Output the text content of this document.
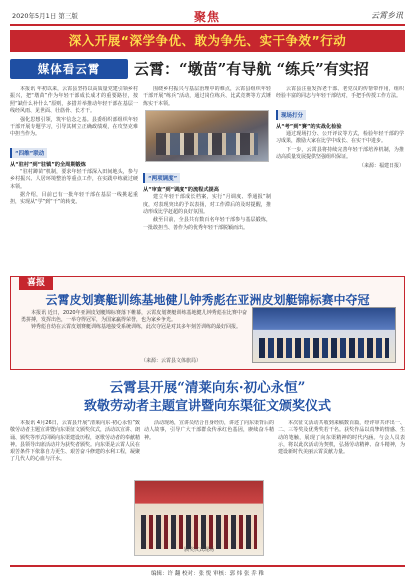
2020年5月1日 第三版	聚焦	云霄乡讯
深入开展“深学争优、敢为争先、实干争效”行动
媒体看云霄	云霄：“墩苗”有导航 “练兵”有实招

本报讯 年初以来，云霄县坚持以高质量党建引领乡村振兴，把“墩苗”作为年轻干部成长成才的重要路径，按照“缺什么补什么”原则，多措并举推动年轻干部在基层一线经风雨、见世面、壮筋骨、长才干。

强化思想引领，筑牢信念之基。县委组织部组织年轻干部开展专题学习，引导其树立正确政绩观，在攻坚克难中担当作为。

“四维”联动
从“驻村”到“驻镇”的全周期锻炼

“驻村蹲苗”机制，要求年轻干部深入田间地头，参与乡村振兴、人居环境整治等重点工作，在实践中练就过硬本领。

据介绍，目前已有一批年轻干部在基层一线挑起重担，实现从“学”到“干”的转变。

围绕乡村振兴与基层治理中的难点，云霄县组织年轻干部开展“练兵”活动，通过岗位练兵、比武竞赛等方式锤炼实干本领。

“两项调度”
从“审查”到“调度”的流程式提高

建立年轻干部成长档案，实行“月调度、季通报”制度，对表现突出的予以表扬，对工作滞后的及时提醒，推动形成比学赶超的良好氛围。

截至目前，全县共有数百名年轻干部参与基层锻炼，一批敢担当、善作为的优秀年轻干部脱颖而出。

云霄县注重发挥老干部、老党员的传帮带作用，组织经验丰富的同志与年轻干部结对，手把手传授工作方法。

现场打分
从“考”到“赛”的实战化检验

通过现场打分、公开评议等方式，检验年轻干部的学习成果，激励大家在比学中成长、在实干中进步。

下一步，云霄县将持续完善年轻干部培养机制，为推动高质量发展提供坚强组织保证。

（来源：福建日报）
喜报
云霄皮划赛艇训练基地健儿钟秀彪在亚洲皮划艇锦标赛中夺冠

本报讯 近日，2020年亚洲皮划艇锦标赛落下帷幕，云霄皮划赛艇训练基地健儿钟秀彪在比赛中奋勇拼搏，发挥出色，一举夺得冠军，为国家赢得荣誉，也为家乡争光。

钟秀彪自幼在云霄皮划赛艇训练基地接受系统训练，此次夺冠是对其多年刻苦训练的最好回报。

（来源：云霄县文体旅局）
云霄县开展“清莱向东·初心永恒”
致敬劳动者主题宣讲暨向东渠征文颁奖仪式

本报讯 4月26日，云霄县开展“清莱向东·初心永恒”致敬劳动者主题宣讲暨向东渠征文颁奖仪式，活动以宣讲、朗诵、颁奖等形式回顾向东渠建设历程，讴歌劳动者的奉献精神。县领导出席活动并为获奖者颁奖。向东渠是云霄人民在艰苦条件下依靠自力更生、艰苦奋斗修建的水利工程，凝聚了几代人的心血与汗水。

活动现场，宣讲员结合自身经历，讲述了向东渠背后的动人故事，引导广大干部群众传承红色基因，赓续奋斗精神。

本次征文活动共收到来稿数百篇，经评审共评出一、二、三等奖及优秀奖若干名。获奖作品以真挚的情感、生动的笔触，展现了向东渠精神的时代内涵。与会人员表示，将以此次活动为契机，弘扬劳动精神、奋斗精神，为建设新时代美丽云霄贡献力量。

颁奖仪式现场
编辑：许 翻 校对：张 悦 审核：郭 炜 张 乔 稚
